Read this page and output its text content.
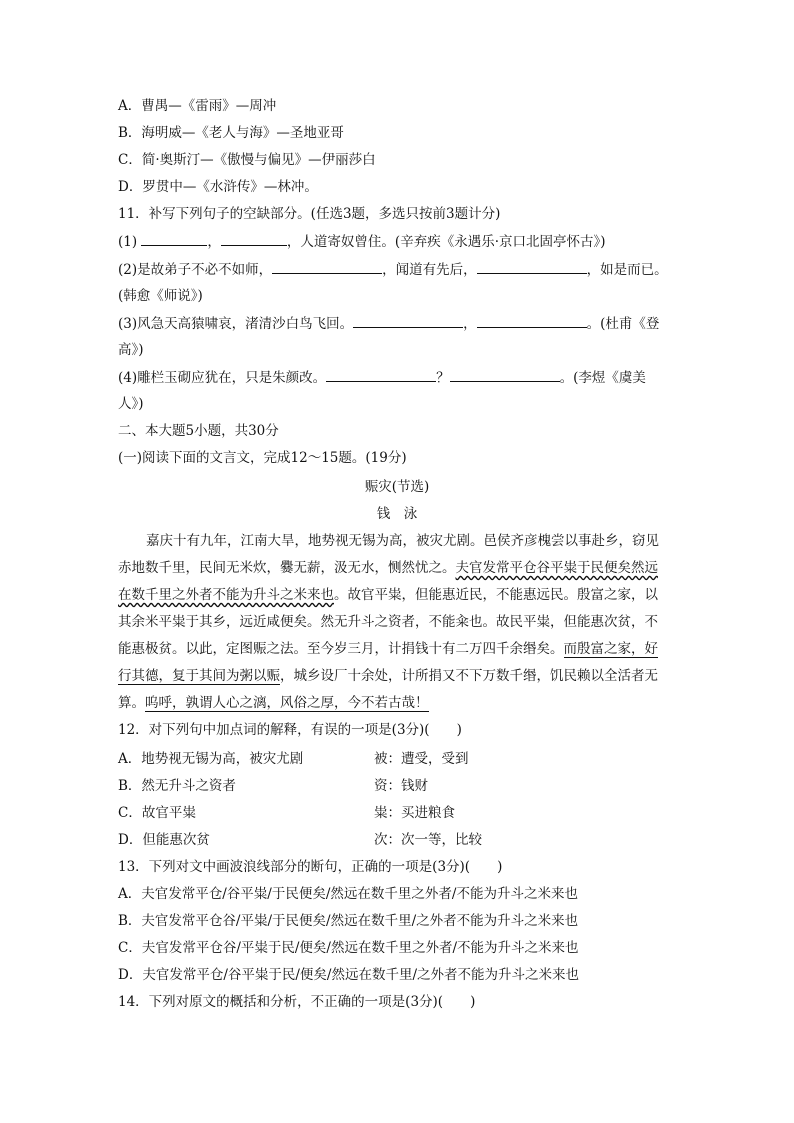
A．曹禺—《雷雨》—周冲
B．海明威—《老人与海》—圣地亚哥
C．简·奥斯汀—《傲慢与偏见》—伊丽莎白
D．罗贯中—《水浒传》—林冲。
11．补写下列句子的空缺部分。(任选3题，多选只按前3题计分)
(1)	，	，人道寄奴曾住。(辛弃疾《永遇乐·京口北固亭怀古》)
(2)是故弟子不必不如师，	，闻道有先后，	，如是而已。
(韩愈《师说》)
(3)风急天高猿啸哀，渚清沙白鸟飞回。	，	。(杜甫《登
高》)
(4)雕栏玉砌应犹在，只是朱颜改。	？	。(李煜《虞美
人》)
二、本大题5小题，共30分
(一)阅读下面的文言文，完成12～15题。(19分)
赈灾(节选)
钱　泳
嘉庆十有九年，江南大旱，地势视无锡为高，被灾尤剧。邑侯齐彦槐尝以事赴乡，窃见
赤地数千里，民间无米炊，爨无薪，汲无水，恻然忧之。夫官发常平仓谷平粜于民便矣然远
在数千里之外者不能为升斗之米来也。故官平粜，但能惠近民，不能惠远民。殷富之家，以
其余米平粜于其乡，远近咸便矣。然无升斗之资者，不能籴也。故民平粜，但能惠次贫，不
能惠极贫。以此，定图赈之法。至今岁三月，计捐钱十有二万四千余缗矣。而殷富之家，好
行其德，复于其间为粥以赈，城乡设厂十余处，计所捐又不下万数千缗，饥民赖以全活者无
算。呜呼，孰谓人心之漓，风俗之厚，今不若古哉！
12．对下列句中加点词的解释，有误的一项是(3分)(　　)
A．地势视无锡为高，被灾尤剧	被：遭受，受到
B．然无升斗之资者	资：钱财
C．故官平粜	粜：买进粮食
D．但能惠次贫	次：次一等，比较
13．下列对文中画波浪线部分的断句，正确的一项是(3分)(　　)
A．夫官发常平仓/谷平粜/于民便矣/然远在数千里之外者/不能为升斗之米来也
B．夫官发常平仓谷/平粜/于民便矣/然远在数千里/之外者不能为升斗之米来也
C．夫官发常平仓谷/平粜于民/便矣/然远在数千里之外者/不能为升斗之米来也
D．夫官发常平仓/谷平粜于民/便矣/然远在数千里/之外者不能为升斗之米来也
14．下列对原文的概括和分析，不正确的一项是(3分)(　　)
